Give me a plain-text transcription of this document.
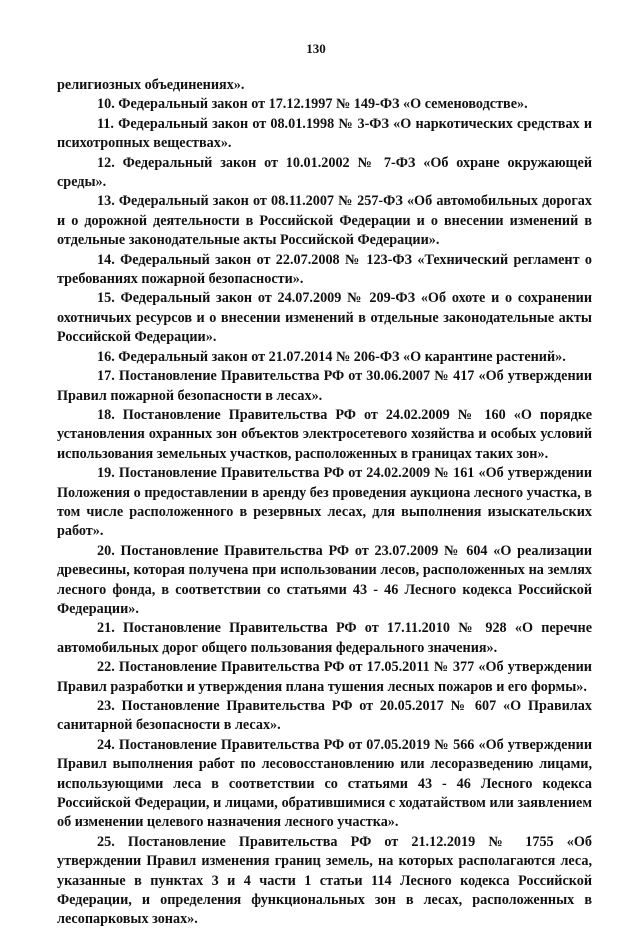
130

религиозных объединениях».

10. Федеральный закон от 17.12.1997 № 149-ФЗ «О семеноводстве».

11. Федеральный закон от 08.01.1998 № 3-ФЗ «О наркотических средствах и психотропных веществах».

12. Федеральный закон от 10.01.2002 № 7-ФЗ «Об охране окружающей среды».

13. Федеральный закон от 08.11.2007 № 257-ФЗ «Об автомобильных дорогах и о дорожной деятельности в Российской Федерации и о внесении изменений в отдельные законодательные акты Российской Федерации».

14. Федеральный закон от 22.07.2008 № 123-ФЗ «Технический регламент о требованиях пожарной безопасности».

15. Федеральный закон от 24.07.2009 № 209-ФЗ «Об охоте и о сохранении охотничьих ресурсов и о внесении изменений в отдельные законодательные акты Российской Федерации».

16. Федеральный закон от 21.07.2014 № 206-ФЗ «О карантине растений».

17. Постановление Правительства РФ от 30.06.2007 № 417 «Об утверждении Правил пожарной безопасности в лесах».

18. Постановление Правительства РФ от 24.02.2009 № 160 «О порядке установления охранных зон объектов электросетевого хозяйства и особых условий использования земельных участков, расположенных в границах таких зон».

19. Постановление Правительства РФ от 24.02.2009 № 161 «Об утверждении Положения о предоставлении в аренду без проведения аукциона лесного участка, в том числе расположенного в резервных лесах, для выполнения изыскательских работ».

20. Постановление Правительства РФ от 23.07.2009 № 604 «О реализации древесины, которая получена при использовании лесов, расположенных на землях лесного фонда, в соответствии со статьями 43 - 46 Лесного кодекса Российской Федерации».

21. Постановление Правительства РФ от 17.11.2010 № 928 «О перечне автомобильных дорог общего пользования федерального значения».

22. Постановление Правительства РФ от 17.05.2011 № 377 «Об утверждении Правил разработки и утверждения плана тушения лесных пожаров и его формы».

23. Постановление Правительства РФ от 20.05.2017 № 607 «О Правилах санитарной безопасности в лесах».

24. Постановление Правительства РФ от 07.05.2019 № 566 «Об утверждении Правил выполнения работ по лесовосстановлению или лесоразведению лицами, использующими леса в соответствии со статьями 43 - 46 Лесного кодекса Российской Федерации, и лицами, обратившимися с ходатайством или заявлением об изменении целевого назначения лесного участка».

25. Постановление Правительства РФ от 21.12.2019 № 1755 «Об утверждении Правил изменения границ земель, на которых располагаются леса, указанные в пунктах 3 и 4 части 1 статьи 114 Лесного кодекса Российской Федерации, и определения функциональных зон в лесах, расположенных в лесопарковых зонах».
